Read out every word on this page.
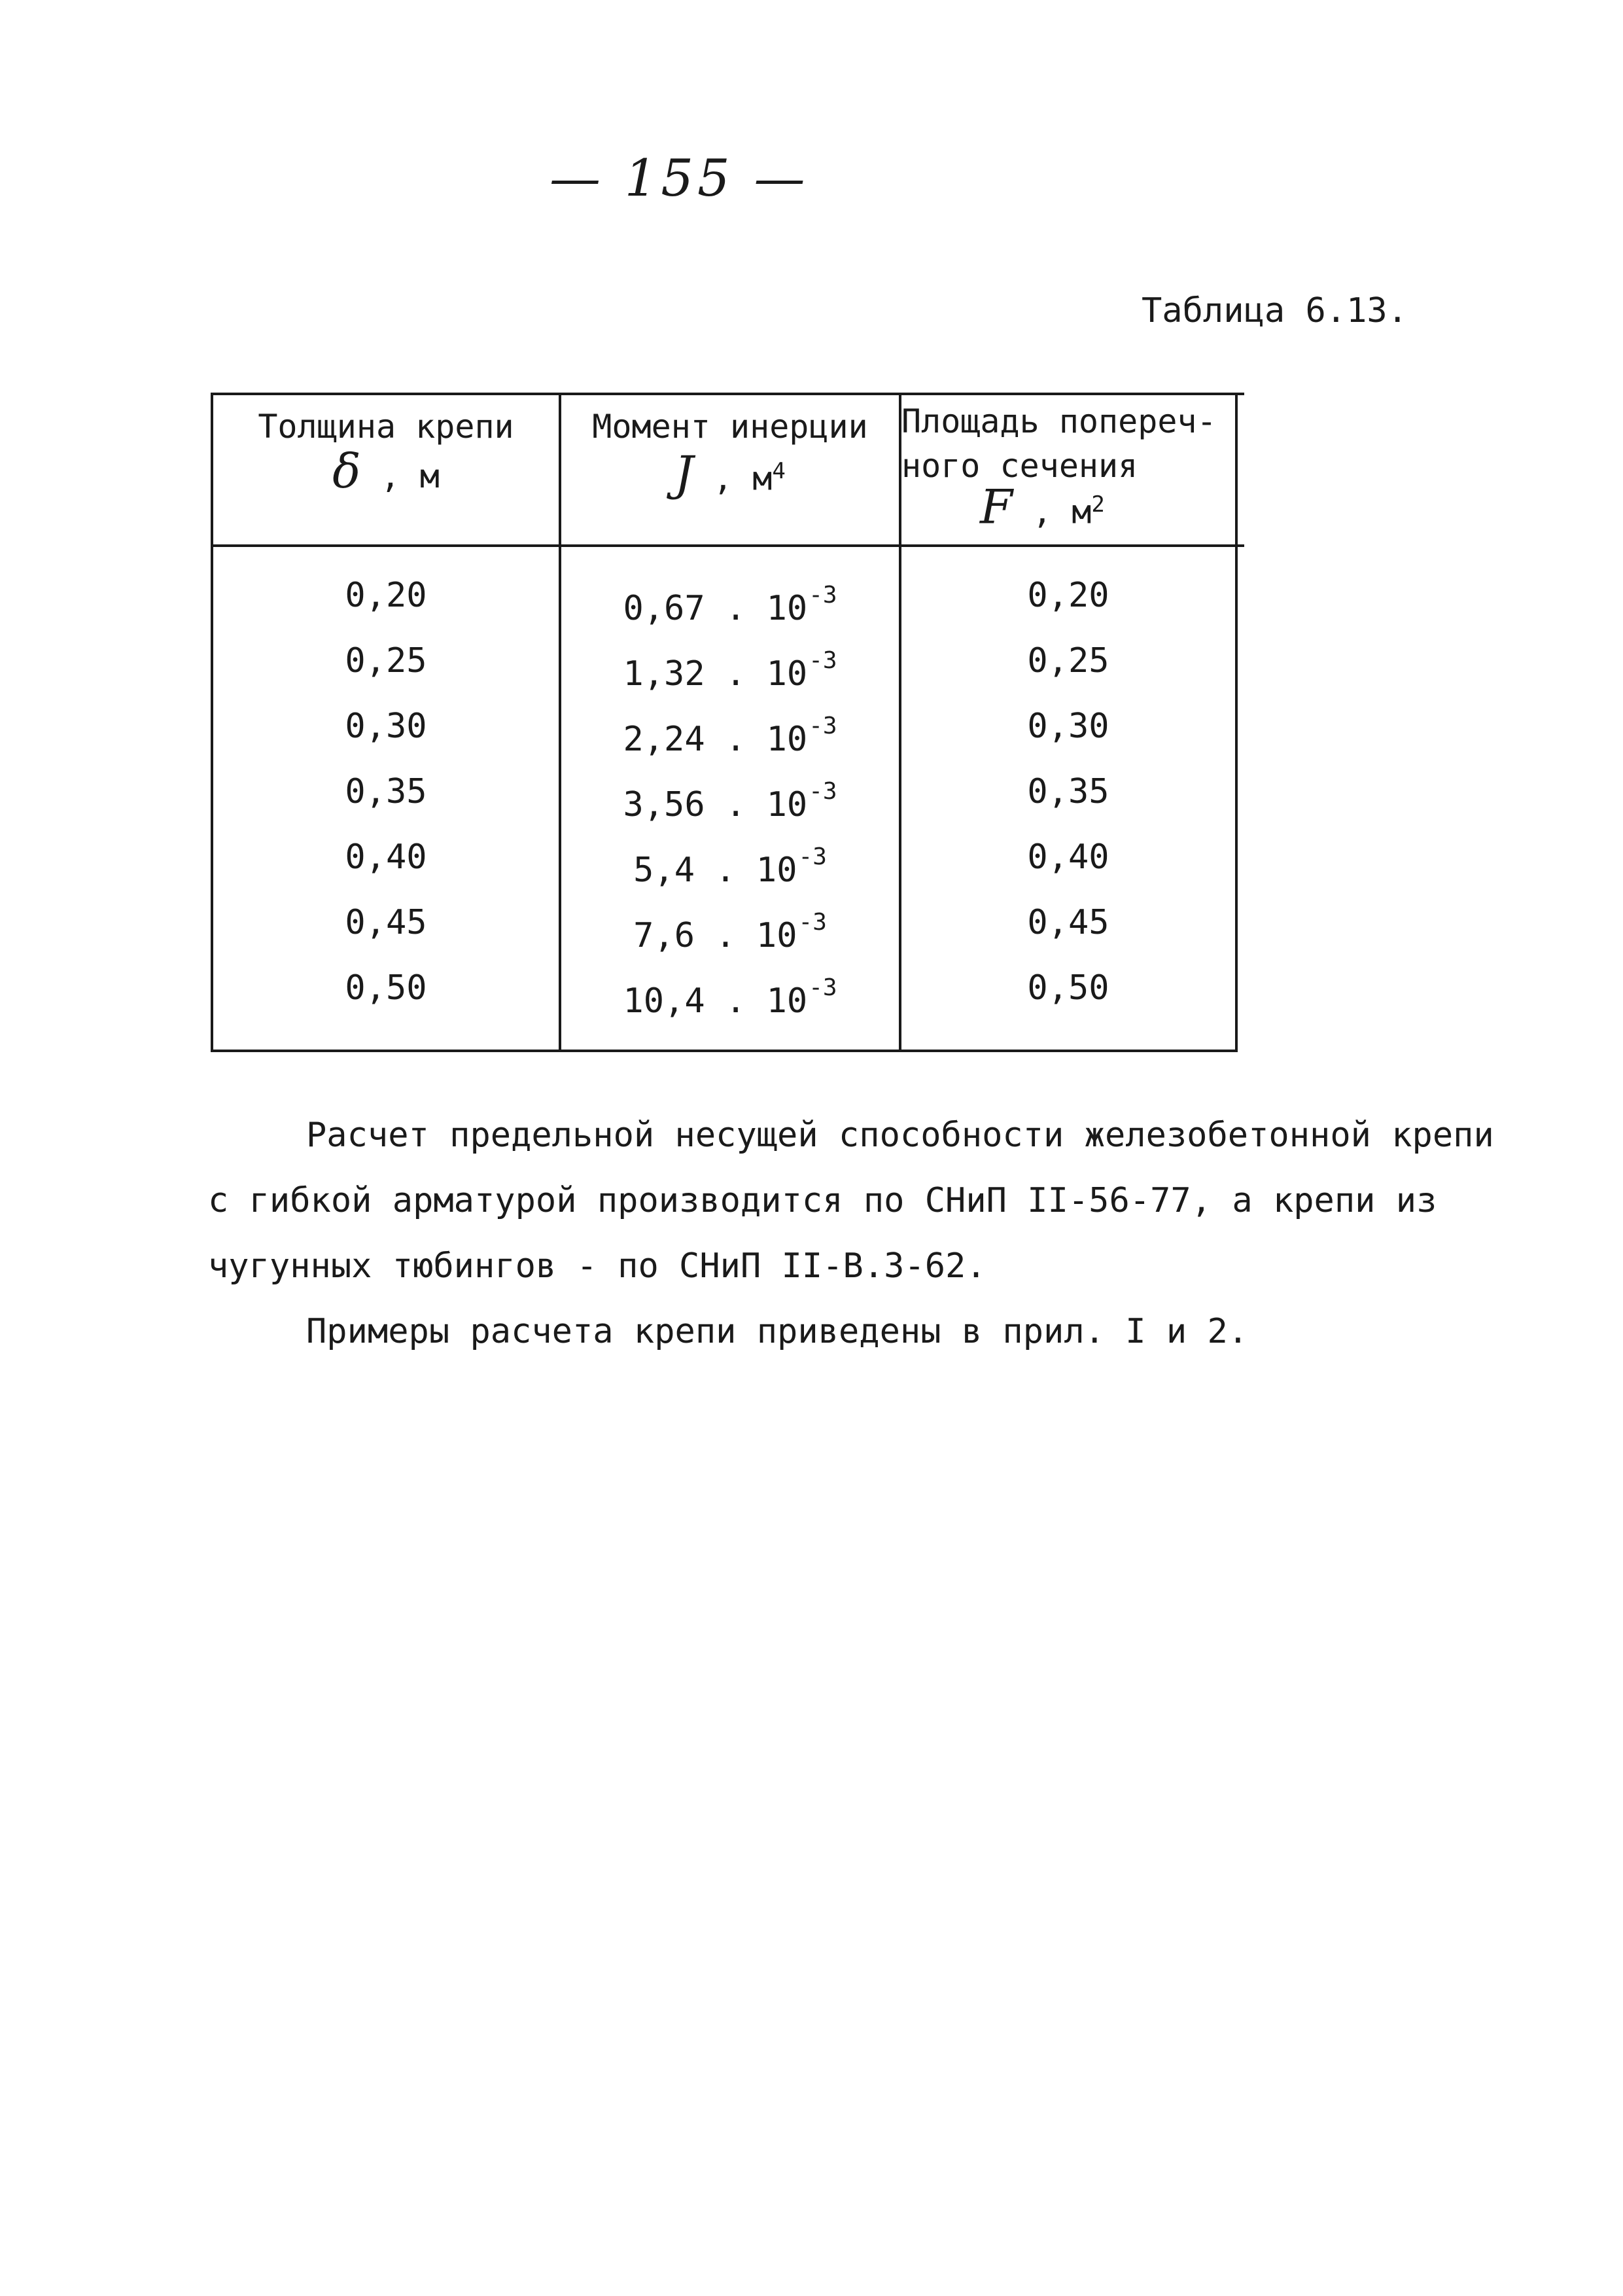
— 155 —
Таблица 6.13.
Толщина крепи
δ , м
Момент инерции
J , $м^4$
Площадь попереч-
ного сечения
F , $м^2$
0,20	0,67 . $10^{-3}$	0,20
0,25	1,32 . $10^{-3}$	0,25
0,30	2,24 . $10^{-3}$	0,30
0,35	3,56 . $10^{-3}$	0,35
0,40	5,4 . $10^{-3}$	0,40
0,45	7,6 . $10^{-3}$	0,45
0,50	10,4 . $10^{-3}$	0,50
Расчет предельной несущей способности железобетонной крепи
с гибкой арматурой производится по СНиП II-56-77, а крепи из
чугунных тюбингов - по СНиП II-В.3-62.
Примеры расчета крепи приведены в прил. I и 2.
